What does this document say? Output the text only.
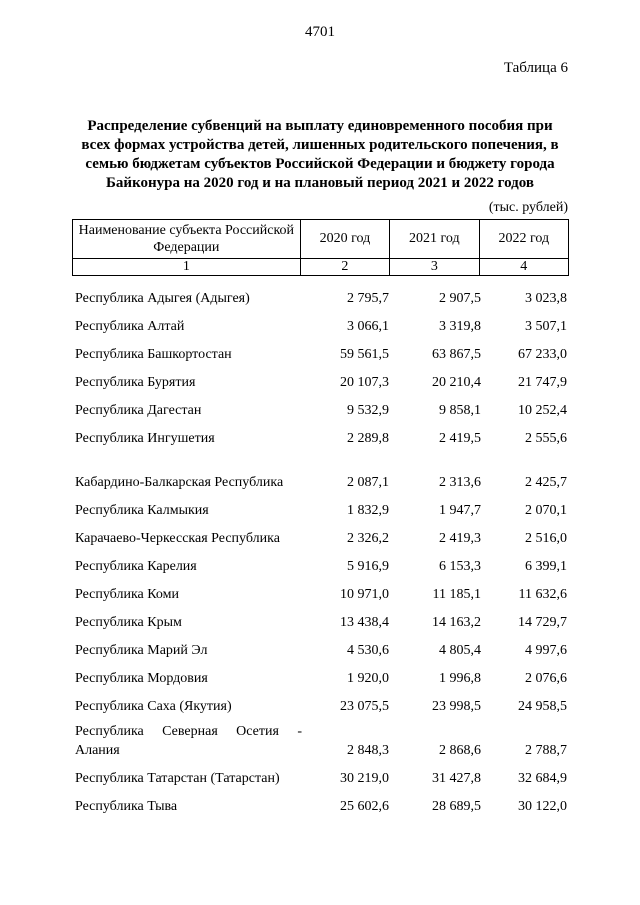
4701
Таблица 6
Распределение субвенций на выплату единовременного пособия при всех формах устройства детей, лишенных родительского попечения, в семью бюджетам субъектов Российской Федерации и бюджету города Байконура на 2020 год и на плановый период 2021 и 2022 годов
(тыс. рублей)
Наименование субъекта Российской Федерации	2020 год	2021 год	2022 год
1	2	3	4
Республика Адыгея (Адыгея)	2 795,7	2 907,5	3 023,8
Республика Алтай	3 066,1	3 319,8	3 507,1
Республика Башкортостан	59 561,5	63 867,5	67 233,0
Республика Бурятия	20 107,3	20 210,4	21 747,9
Республика Дагестан	9 532,9	9 858,1	10 252,4
Республика Ингушетия	2 289,8	2 419,5	2 555,6
Кабардино-Балкарская Республика	2 087,1	2 313,6	2 425,7
Республика Калмыкия	1 832,9	1 947,7	2 070,1
Карачаево-Черкесская Республика	2 326,2	2 419,3	2 516,0
Республика Карелия	5 916,9	6 153,3	6 399,1
Республика Коми	10 971,0	11 185,1	11 632,6
Республика Крым	13 438,4	14 163,2	14 729,7
Республика Марий Эл	4 530,6	4 805,4	4 997,6
Республика Мордовия	1 920,0	1 996,8	2 076,6
Республика Саха (Якутия)	23 075,5	23 998,5	24 958,5
Республика Северная Осетия - Алания	2 848,3	2 868,6	2 788,7
Республика Татарстан (Татарстан)	30 219,0	31 427,8	32 684,9
Республика Тыва	25 602,6	28 689,5	30 122,0
